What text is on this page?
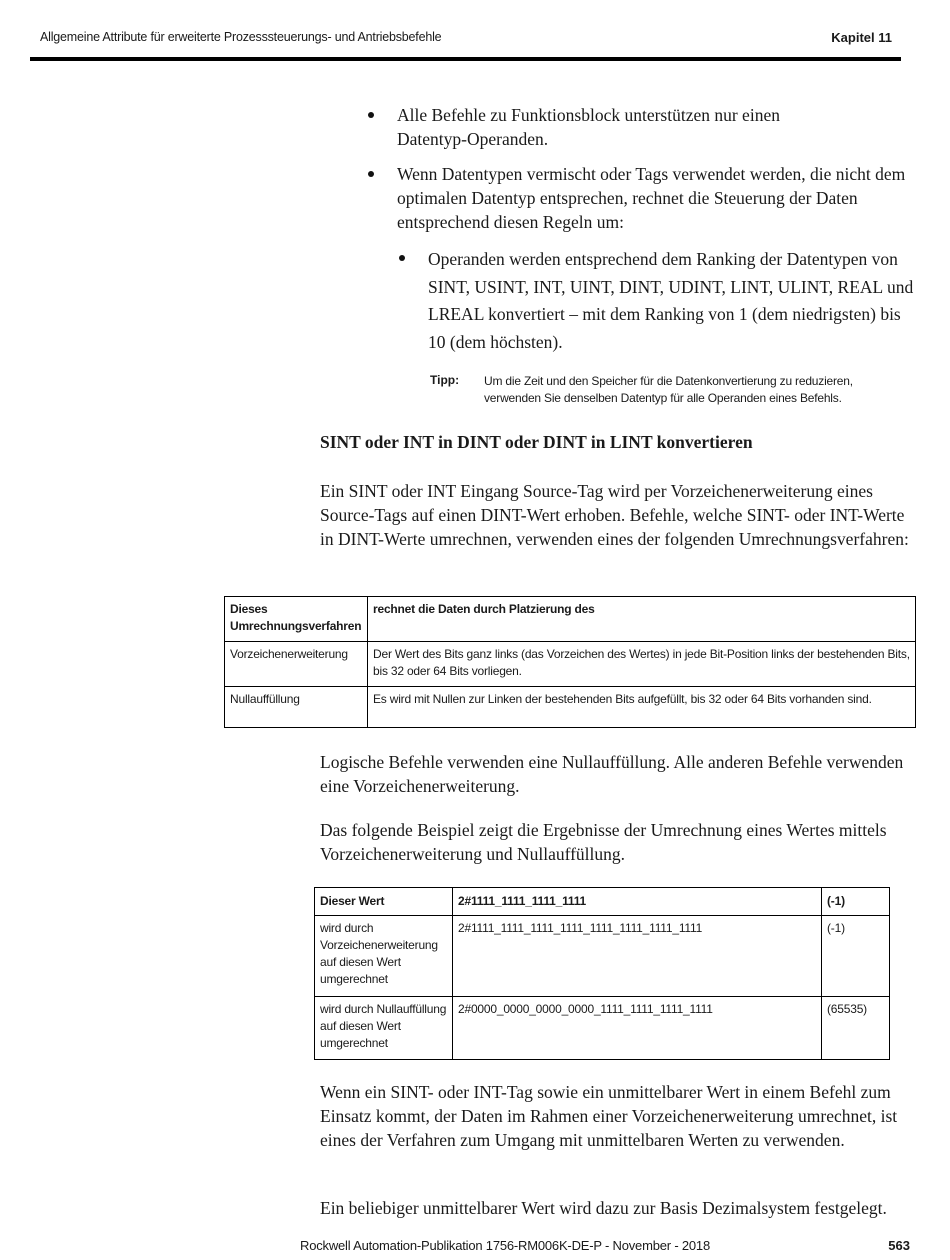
Allgemeine Attribute für erweiterte Prozesssteuerungs- und Antriebsbefehle	Kapitel 11
Alle Befehle zu Funktionsblock unterstützen nur einen Datentyp-Operanden.
Wenn Datentypen vermischt oder Tags verwendet werden, die nicht dem optimalen Datentyp entsprechen, rechnet die Steuerung der Daten entsprechend diesen Regeln um:
Operanden werden entsprechend dem Ranking der Datentypen von SINT, USINT, INT, UINT, DINT, UDINT, LINT, ULINT, REAL und LREAL konvertiert – mit dem Ranking von 1 (dem niedrigsten) bis 10 (dem höchsten).
Tipp: Um die Zeit und den Speicher für die Datenkonvertierung zu reduzieren, verwenden Sie denselben Datentyp für alle Operanden eines Befehls.
SINT oder INT in DINT oder DINT in LINT konvertieren
Ein SINT oder INT Eingang Source-Tag wird per Vorzeichenerweiterung eines Source-Tags auf einen DINT-Wert erhoben. Befehle, welche SINT- oder INT-Werte in DINT-Werte umrechnen, verwenden eines der folgenden Umrechnungsverfahren:
Dieses Umrechnungsverfahren	rechnet die Daten durch Platzierung des
Vorzeichenerweiterung	Der Wert des Bits ganz links (das Vorzeichen des Wertes) in jede Bit-Position links der bestehenden Bits, bis 32 oder 64 Bits vorliegen.
Nullauffüllung	Es wird mit Nullen zur Linken der bestehenden Bits aufgefüllt, bis 32 oder 64 Bits vorhanden sind.
Logische Befehle verwenden eine Nullauffüllung. Alle anderen Befehle verwenden eine Vorzeichenerweiterung.
Das folgende Beispiel zeigt die Ergebnisse der Umrechnung eines Wertes mittels Vorzeichenerweiterung und Nullauffüllung.
Dieser Wert	2#1111_1111_1111_1111	(-1)
wird durch Vorzeichenerweiterung auf diesen Wert umgerechnet	2#1111_1111_1111_1111_1111_1111_1111_1111	(-1)
wird durch Nullauffüllung auf diesen Wert umgerechnet	2#0000_0000_0000_0000_1111_1111_1111_1111	(65535)
Wenn ein SINT- oder INT-Tag sowie ein unmittelbarer Wert in einem Befehl zum Einsatz kommt, der Daten im Rahmen einer Vorzeichenerweiterung umrechnet, ist eines der Verfahren zum Umgang mit unmittelbaren Werten zu verwenden.
Ein beliebiger unmittelbarer Wert wird dazu zur Basis Dezimalsystem festgelegt.
Rockwell Automation-Publikation 1756-RM006K-DE-P - November - 2018	563
